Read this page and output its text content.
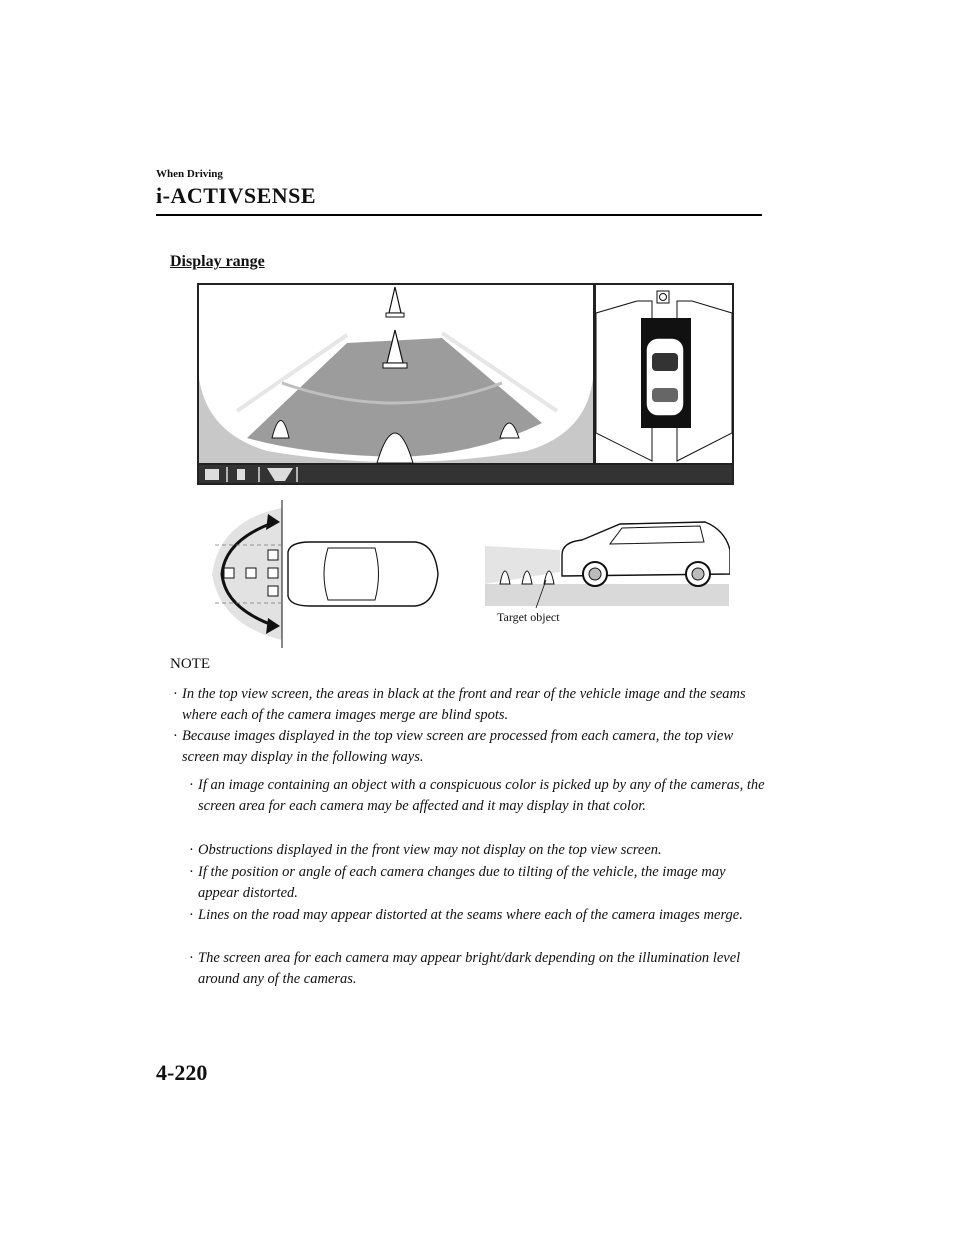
When Driving
i-ACTIVSENSE
Display range
Target object
NOTE
· In the top view screen, the areas in black at the front and rear of the vehicle image and the seams where each of the camera images merge are blind spots.
· Because images displayed in the top view screen are processed from each camera, the top view screen may display in the following ways.
· If an image containing an object with a conspicuous color is picked up by any of the cameras, the screen area for each camera may be affected and it may display in that color.
· Obstructions displayed in the front view may not display on the top view screen.
· If the position or angle of each camera changes due to tilting of the vehicle, the image may appear distorted.
· Lines on the road may appear distorted at the seams where each of the camera images merge.
· The screen area for each camera may appear bright/dark depending on the illumination level around any of the cameras.
4-220
